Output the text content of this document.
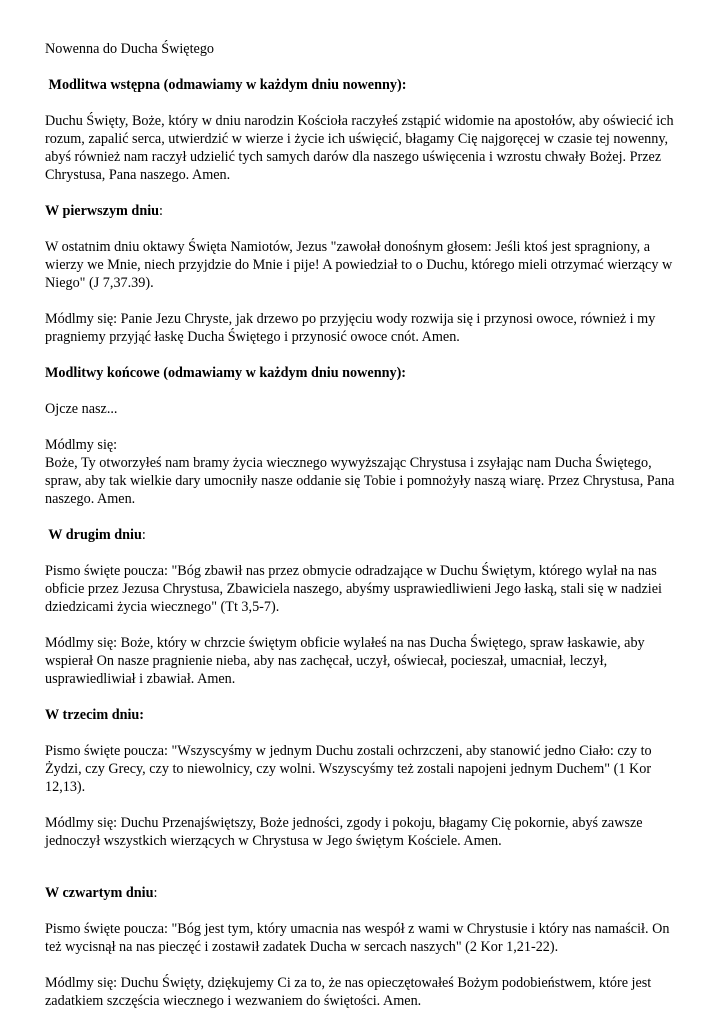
Nowenna do Ducha Świętego

Modlitwa wstępna (odmawiamy w każdym dniu nowenny):

Duchu Święty, Boże, który w dniu narodzin Kościoła raczyłeś zstąpić widomie na apostołów, aby oświecić ich rozum, zapalić serca, utwierdzić w wierze i życie ich uświęcić, błagamy Cię najgoręcej w czasie tej nowenny, abyś również nam raczył udzielić tych samych darów dla naszego uświęcenia i wzrostu chwały Bożej. Przez Chrystusa, Pana naszego. Amen.

W pierwszym dniu:

W ostatnim dniu oktawy Święta Namiotów, Jezus "zawołał donośnym głosem: Jeśli ktoś jest spragniony, a wierzy we Mnie, niech przyjdzie do Mnie i pije! A powiedział to o Duchu, którego mieli otrzymać wierzący w Niego" (J 7,37.39).

Módlmy się: Panie Jezu Chryste, jak drzewo po przyjęciu wody rozwija się i przynosi owoce, również i my pragniemy przyjąć łaskę Ducha Świętego i przynosić owoce cnót. Amen.

Modlitwy końcowe (odmawiamy w każdym dniu nowenny):

Ojcze nasz...

Módlmy się:

Boże, Ty otworzyłeś nam bramy życia wiecznego wywyższając Chrystusa i zsyłając nam Ducha Świętego, spraw, aby tak wielkie dary umocniły nasze oddanie się Tobie i pomnożyły naszą wiarę. Przez Chrystusa, Pana naszego. Amen.

W drugim dniu:

Pismo święte poucza: "Bóg zbawił nas przez obmycie odradzające w Duchu Świętym, którego wylał na nas obficie przez Jezusa Chrystusa, Zbawiciela naszego, abyśmy usprawiedliwieni Jego łaską, stali się w nadziei dziedzicami życia wiecznego" (Tt 3,5-7).

Módlmy się: Boże, który w chrzcie świętym obficie wylałeś na nas Ducha Świętego, spraw łaskawie, aby wspierał On nasze pragnienie nieba, aby nas zachęcał, uczył, oświecał, pocieszał, umacniał, leczył, usprawiedliwiał i zbawiał. Amen.

W trzecim dniu:

Pismo święte poucza: "Wszyscyśmy w jednym Duchu zostali ochrzczeni, aby stanowić jedno Ciało: czy to Żydzi, czy Grecy, czy to niewolnicy, czy wolni. Wszyscyśmy też zostali napojeni jednym Duchem" (1 Kor 12,13).

Módlmy się: Duchu Przenajświętszy, Boże jedności, zgody i pokoju, błagamy Cię pokornie, abyś zawsze jednoczył wszystkich wierzących w Chrystusa w Jego świętym Kościele. Amen.

W czwartym dniu:

Pismo święte poucza: "Bóg jest tym, który umacnia nas wespół z wami w Chrystusie i który nas namaścił. On też wycisnął na nas pieczęć i zostawił zadatek Ducha w sercach naszych" (2 Kor 1,21-22).

Módlmy się: Duchu Święty, dziękujemy Ci za to, że nas opieczętowałeś Bożym podobieństwem, które jest zadatkiem szczęścia wiecznego i wezwaniem do świętości. Amen.
